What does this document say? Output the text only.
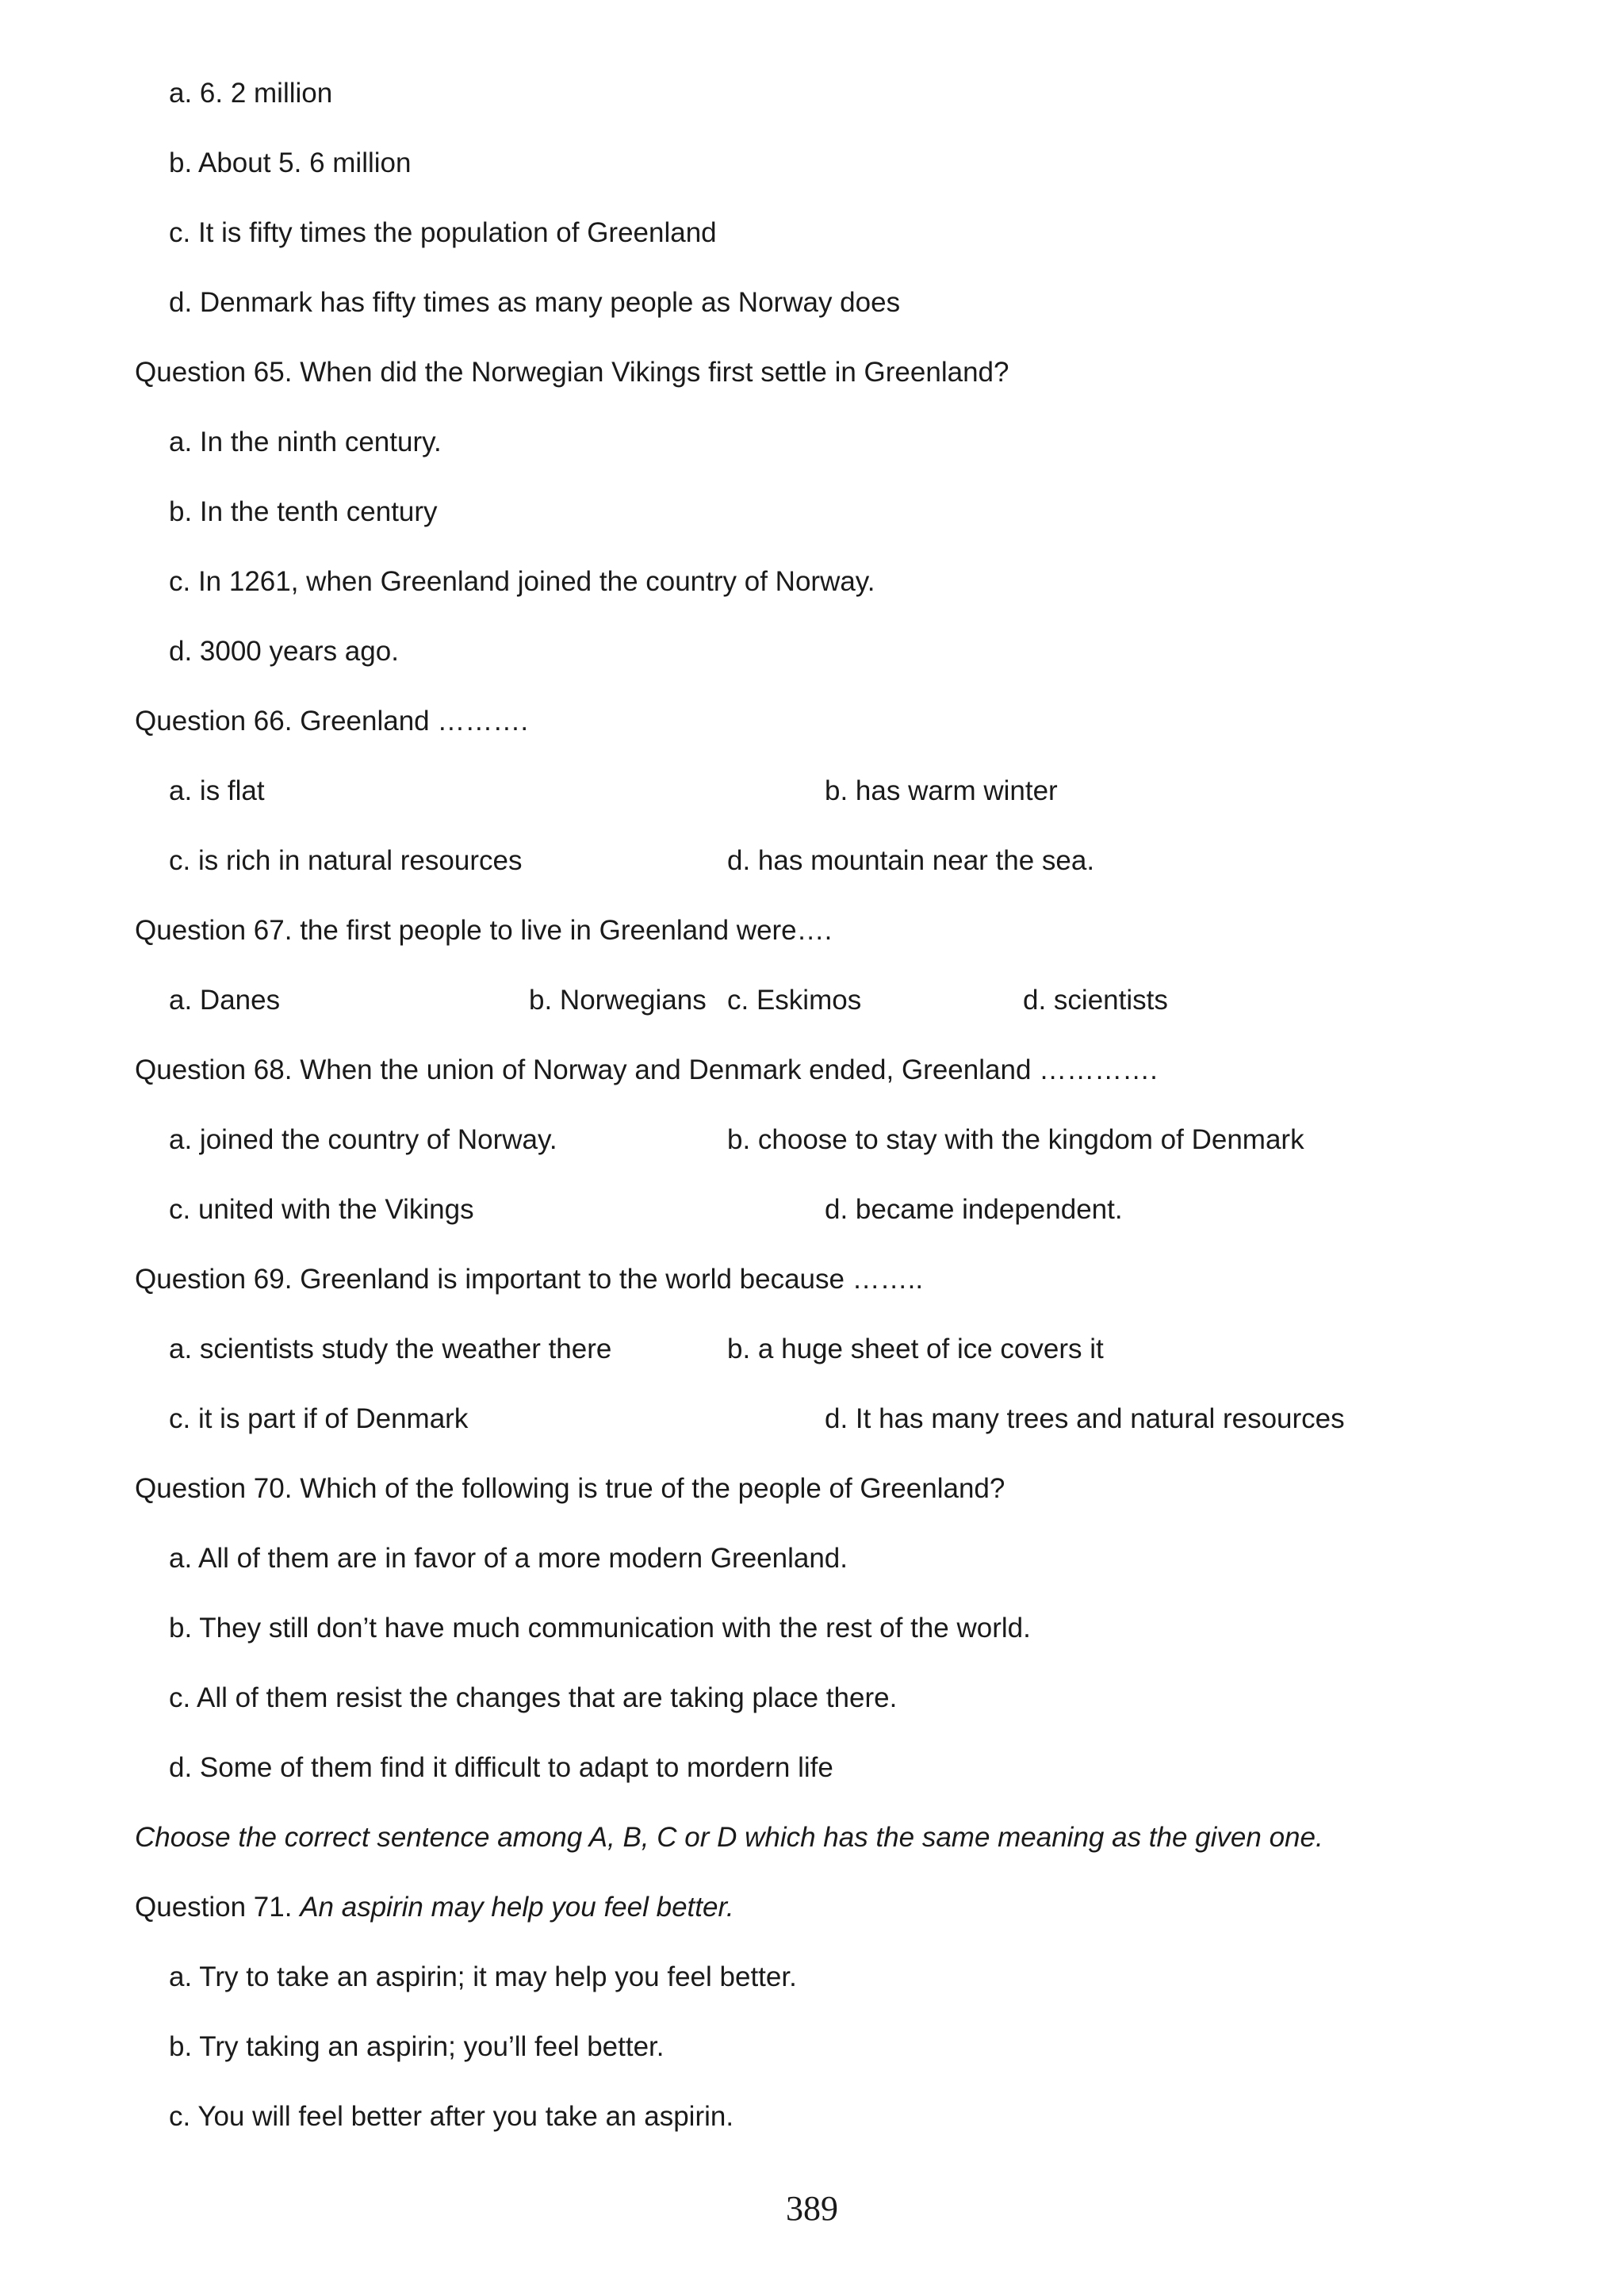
a. 6. 2 million
b. About 5. 6 million
c. It is fifty times the population of Greenland
d. Denmark has fifty times as many people as Norway does
Question 65. When did the Norwegian Vikings first settle in Greenland?
a. In the ninth century.
b. In the tenth century
c. In 1261, when Greenland joined the country of Norway.
d. 3000 years ago.
Question 66. Greenland ……….
a. is flat	b. has warm winter
c. is rich in natural resources	d. has mountain near the sea.
Question 67. the first people to live in Greenland were….
a. Danes	b. Norwegians c. Eskimos	d. scientists
Question 68. When the union of Norway and Denmark ended, Greenland ………….
a. joined the country of Norway.	b. choose to stay with the kingdom of Denmark
c. united with the Vikings	d. became independent.
Question 69. Greenland is important to the world because ……..
a. scientists study the weather there	b. a huge sheet of ice covers it
c. it is part if of Denmark	d. It has many trees and natural resources
Question 70. Which of the following is true of the people of Greenland?
a. All of them are in favor of a more modern Greenland.
b. They still don’t have much communication with the rest of the world.
c. All of them resist the changes that are taking place there.
d. Some of them find it difficult to adapt to mordern life
Choose the correct sentence among A, B, C or D which has the same meaning as the given one.
Question 71. An aspirin may help you feel better.
a. Try to take an aspirin; it may help you feel better.
b. Try taking an aspirin; you’ll feel better.
c. You will feel better after you take an aspirin.
389
